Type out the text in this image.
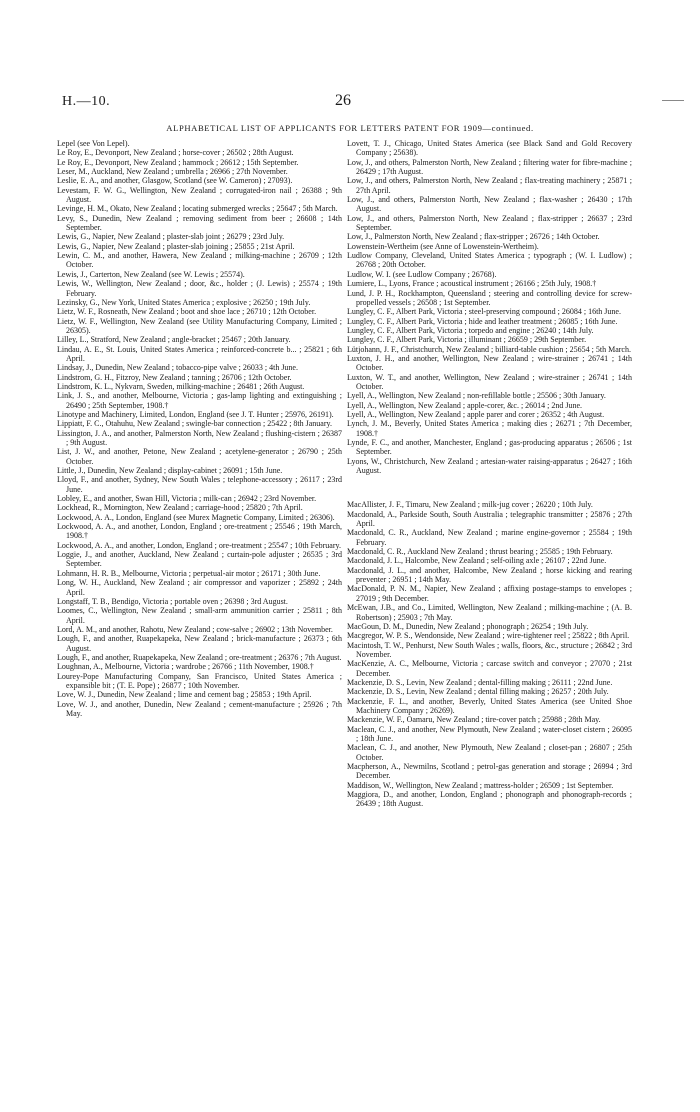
H.—10.	26
ALPHABETICAL LIST OF APPLICANTS FOR LETTERS PATENT FOR 1909—continued.

Lepel (see Von Lepel).

Le Roy, E., Devonport, New Zealand ; horse-cover ; 26502 ; 28th August.

Le Roy, E., Devonport, New Zealand ; hammock ; 26612 ; 15th September.

Leser, M., Auckland, New Zealand ; umbrella ; 26966 ; 27th November.

Leslie, E. A., and another, Glasgow, Scotland (see W. Cameron) ; 27093).

Levestam, F. W. G., Wellington, New Zealand ; corrugated-iron nail ; 26388 ; 9th August.

Levinge, H. M., Okato, New Zealand ; locating submerged wrecks ; 25647 ; 5th March.

Levy, S., Dunedin, New Zealand ; removing sediment from beer ; 26608 ; 14th September.

Lewis, G., Napier, New Zealand ; plaster-slab joint ; 26279 ; 23rd July.

Lewis, G., Napier, New Zealand ; plaster-slab joining ; 25855 ; 21st April.

Lewin, C. M., and another, Hawera, New Zealand ; milking-machine ; 26709 ; 12th October.

Lewis, J., Carterton, New Zealand (see W. Lewis ; 25574).

Lewis, W., Wellington, New Zealand ; door, &c., holder ; (J. Lewis) ; 25574 ; 19th February.

Lezinsky, G., New York, United States America ; explosive ; 26250 ; 19th July.

Lietz, W. F., Rosneath, New Zealand ; boot and shoe lace ; 26710 ; 12th October.

Lietz, W. F., Wellington, New Zealand (see Utility Manufacturing Company, Limited ; 26305).

Lilley, L., Stratford, New Zealand ; angle-bracket ; 25467 ; 20th January.

Lindau, A. E., St. Louis, United States America ; reinforced-concrete b... ; 25821 ; 6th April.

Lindsay, J., Dunedin, New Zealand ; tobacco-pipe valve ; 26033 ; 4th June.

Lindstrom, G. H., Fitzroy, New Zealand ; tanning ; 26706 ; 12th October.

Lindstrom, K. L., Nykvarn, Sweden, milking-machine ; 26481 ; 26th August.

Link, J. S., and another, Melbourne, Victoria ; gas-lamp lighting and extinguishing ; 26490 ; 25th September, 1908.†

Linotype and Machinery, Limited, London, England (see J. T. Hunter ; 25976, 26191).

Lippiatt, F. C., Otahuhu, New Zealand ; swingle-bar connection ; 25422 ; 8th January.

Lissington, J. A., and another, Palmerston North, New Zealand ; flushing-cistern ; 26387 ; 9th August.

List, J. W., and another, Petone, New Zealand ; acetylene-generator ; 26790 ; 25th October.

Little, J., Dunedin, New Zealand ; display-cabinet ; 26091 ; 15th June.

Lloyd, F., and another, Sydney, New South Wales ; telephone-accessory ; 26117 ; 23rd June.

Lobley, E., and another, Swan Hill, Victoria ; milk-can ; 26942 ; 23rd November.

Lockhead, R., Mornington, New Zealand ; carriage-hood ; 25820 ; 7th April.

Lockwood, A. A., London, England (see Murex Magnetic Company, Limited ; 26306).

Lockwood, A. A., and another, London, England ; ore-treatment ; 25546 ; 19th March, 1908.†

Lockwood, A. A., and another, London, England ; ore-treatment ; 25547 ; 10th February.

Loggie, J., and another, Auckland, New Zealand ; curtain-pole adjuster ; 26535 ; 3rd September.

Lohmann, H. R. B., Melbourne, Victoria ; perpetual-air motor ; 26171 ; 30th June.

Long, W. H., Auckland, New Zealand ; air compressor and vaporizer ; 25892 ; 24th April.

Longstaff, T. B., Bendigo, Victoria ; portable oven ; 26398 ; 3rd August.

Loomes, C., Wellington, New Zealand ; small-arm ammunition carrier ; 25811 ; 8th April.

Lord, A. M., and another, Rahotu, New Zealand ; cow-salve ; 26902 ; 13th November.

Lough, F., and another, Ruapekapeka, New Zealand ; brick-manufacture ; 26373 ; 6th August.

Lough, F., and another, Ruapekapeka, New Zealand ; ore-treatment ; 26376 ; 7th August.

Loughnan, A., Melbourne, Victoria ; wardrobe ; 26766 ; 11th November, 1908.†

Lourey-Pope Manufacturing Company, San Francisco, United States America ; expansible bit ; (T. E. Pope) ; 26877 ; 10th November.

Love, W. J., Dunedin, New Zealand ; lime and cement bag ; 25853 ; 19th April.

Love, W. J., and another, Dunedin, New Zealand ; cement-manufacture ; 25926 ; 7th May.

Lovett, T. J., Chicago, United States America (see Black Sand and Gold Recovery Company ; 25638).

Low, J., and others, Palmerston North, New Zealand ; filtering water for fibre-machine ; 26429 ; 17th August.

Low, J., and others, Palmerston North, New Zealand ; flax-treating machinery ; 25871 ; 27th April.

Low, J., and others, Palmerston North, New Zealand ; flax-washer ; 26430 ; 17th August.

Low, J., and others, Palmerston North, New Zealand ; flax-stripper ; 26637 ; 23rd September.

Low, J., Palmerston North, New Zealand ; flax-stripper ; 26726 ; 14th October.

Lowenstein-Wertheim (see Anne of Lowenstein-Wertheim).

Ludlow Company, Cleveland, United States America ; typograph ; (W. I. Ludlow) ; 26768 ; 20th October.

Ludlow, W. I. (see Ludlow Company ; 26768).

Lumiere, L., Lyons, France ; acoustical instrument ; 26166 ; 25th July, 1908.†

Lund, J. P. H., Rockhampton, Queensland ; steering and controlling device for screw-propelled vessels ; 26508 ; 1st September.

Lungley, C. F., Albert Park, Victoria ; steel-preserving compound ; 26084 ; 16th June.

Lungley, C. F., Albert Park, Victoria ; hide and leather treatment ; 26085 ; 16th June.

Lungley, C. F., Albert Park, Victoria ; torpedo and engine ; 26240 ; 14th July.

Lungley, C. F., Albert Park, Victoria ; illuminant ; 26659 ; 29th September.

Lütjohann, J. F., Christchurch, New Zealand ; billiard-table cushion ; 25654 ; 5th March.

Luxton, J. H., and another, Wellington, New Zealand ; wire-strainer ; 26741 ; 14th October.

Luxton, W. T., and another, Wellington, New Zealand ; wire-strainer ; 26741 ; 14th October.

Lyell, A., Wellington, New Zealand ; non-refillable bottle ; 25506 ; 30th January.

Lyell, A., Wellington, New Zealand ; apple-corer, &c. ; 26014 ; 2nd June.

Lyell, A., Wellington, New Zealand ; apple parer and corer ; 26352 ; 4th August.

Lynch, J. M., Beverly, United States America ; making dies ; 26271 ; 7th December, 1908.†

Lynde, F. C., and another, Manchester, England ; gas-producing apparatus ; 26506 ; 1st September.

Lyons, W., Christchurch, New Zealand ; artesian-water raising-apparatus ; 26427 ; 16th August.

MacAllister, J. F., Timaru, New Zealand ; milk-jug cover ; 26220 ; 10th July.

Macdonald, A., Parkside South, South Australia ; telegraphic transmitter ; 25876 ; 27th April.

Macdonald, C. R., Auckland, New Zealand ; marine engine-governor ; 25584 ; 19th February.

Macdonald, C. R., Auckland New Zealand ; thrust bearing ; 25585 ; 19th February.

Macdonald, J. L., Halcombe, New Zealand ; self-oiling axle ; 26107 ; 22nd June.

Macdonald, J. L., and another, Halcombe, New Zealand ; horse kicking and rearing preventer ; 26951 ; 14th May.

MacDonald, P. N. M., Napier, New Zealand ; affixing postage-stamps to envelopes ; 27019 ; 9th December.

McEwan, J.B., and Co., Limited, Wellington, New Zealand ; milking-machine ; (A. B. Robertson) ; 25903 ; 7th May.

MacGoun, D. M., Dunedin, New Zealand ; phonograph ; 26254 ; 19th July.

Macgregor, W. P. S., Wendonside, New Zealand ; wire-tightener reel ; 25822 ; 8th April.

Macintosh, T. W., Penhurst, New South Wales ; walls, floors, &c., structure ; 26842 ; 3rd November.

MacKenzie, A. C., Melbourne, Victoria ; carcase switch and conveyor ; 27070 ; 21st December.

Mackenzie, D. S., Levin, New Zealand ; dental-filling making ; 26111 ; 22nd June.

Mackenzie, D. S., Levin, New Zealand ; dental filling making ; 26257 ; 20th July.

Mackenzie, F. L., and another, Beverly, United States America (see United Shoe Machinery Company ; 26269).

Mackenzie, W. F., Oamaru, New Zealand ; tire-cover patch ; 25988 ; 28th May.

Maclean, C. J., and another, New Plymouth, New Zealand ; water-closet cistern ; 26095 ; 18th June.

Maclean, C. J., and another, New Plymouth, New Zealand ; closet-pan ; 26807 ; 25th October.

Macpherson, A., Newmilns, Scotland ; petrol-gas generation and storage ; 26994 ; 3rd December.

Maddison, W., Wellington, New Zealand ; mattress-holder ; 26509 ; 1st September.

Maggiora, D., and another, London, England ; phonograph and phonograph-records ; 26439 ; 18th August.
